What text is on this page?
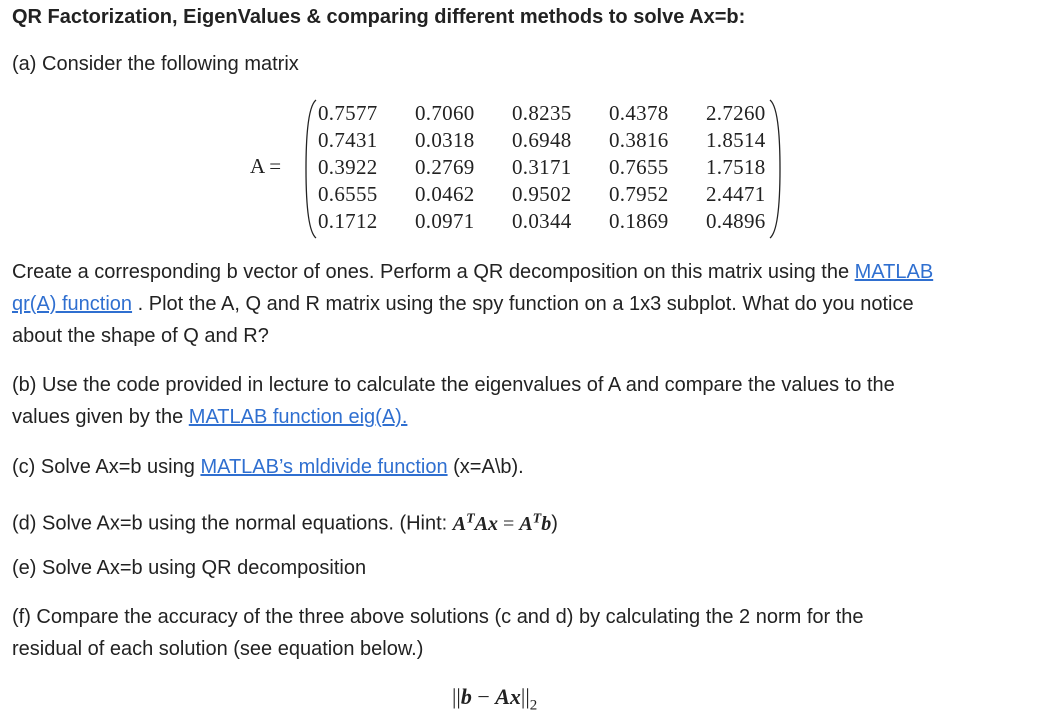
QR Factorization, EigenValues & comparing different methods to solve Ax=b:
(a) Consider the following matrix
A =
0.7577	0.7060	0.8235	0.4378	2.7260
0.7431	0.0318	0.6948	0.3816	1.8514
0.3922	0.2769	0.3171	0.7655	1.7518
0.6555	0.0462	0.9502	0.7952	2.4471
0.1712	0.0971	0.0344	0.1869	0.4896
Create a corresponding b vector of ones. Perform a QR decomposition on this matrix using the MATLAB
qr(A) function . Plot the A, Q and R matrix using the spy function on a 1x3 subplot. What do you notice
about the shape of Q and R?
(b) Use the code provided in lecture to calculate the eigenvalues of A and compare the values to the
values given by the MATLAB function eig(A).
(c) Solve Ax=b using MATLAB’s mldivide function (x=A\b).
(d) Solve Ax=b using the normal equations. (Hint: $A^TAx = A^Tb$)
(e) Solve Ax=b using QR decomposition
(f) Compare the accuracy of the three above solutions (c and d) by calculating the 2 norm for the
residual of each solution (see equation below.)
$||b - Ax||_2$
